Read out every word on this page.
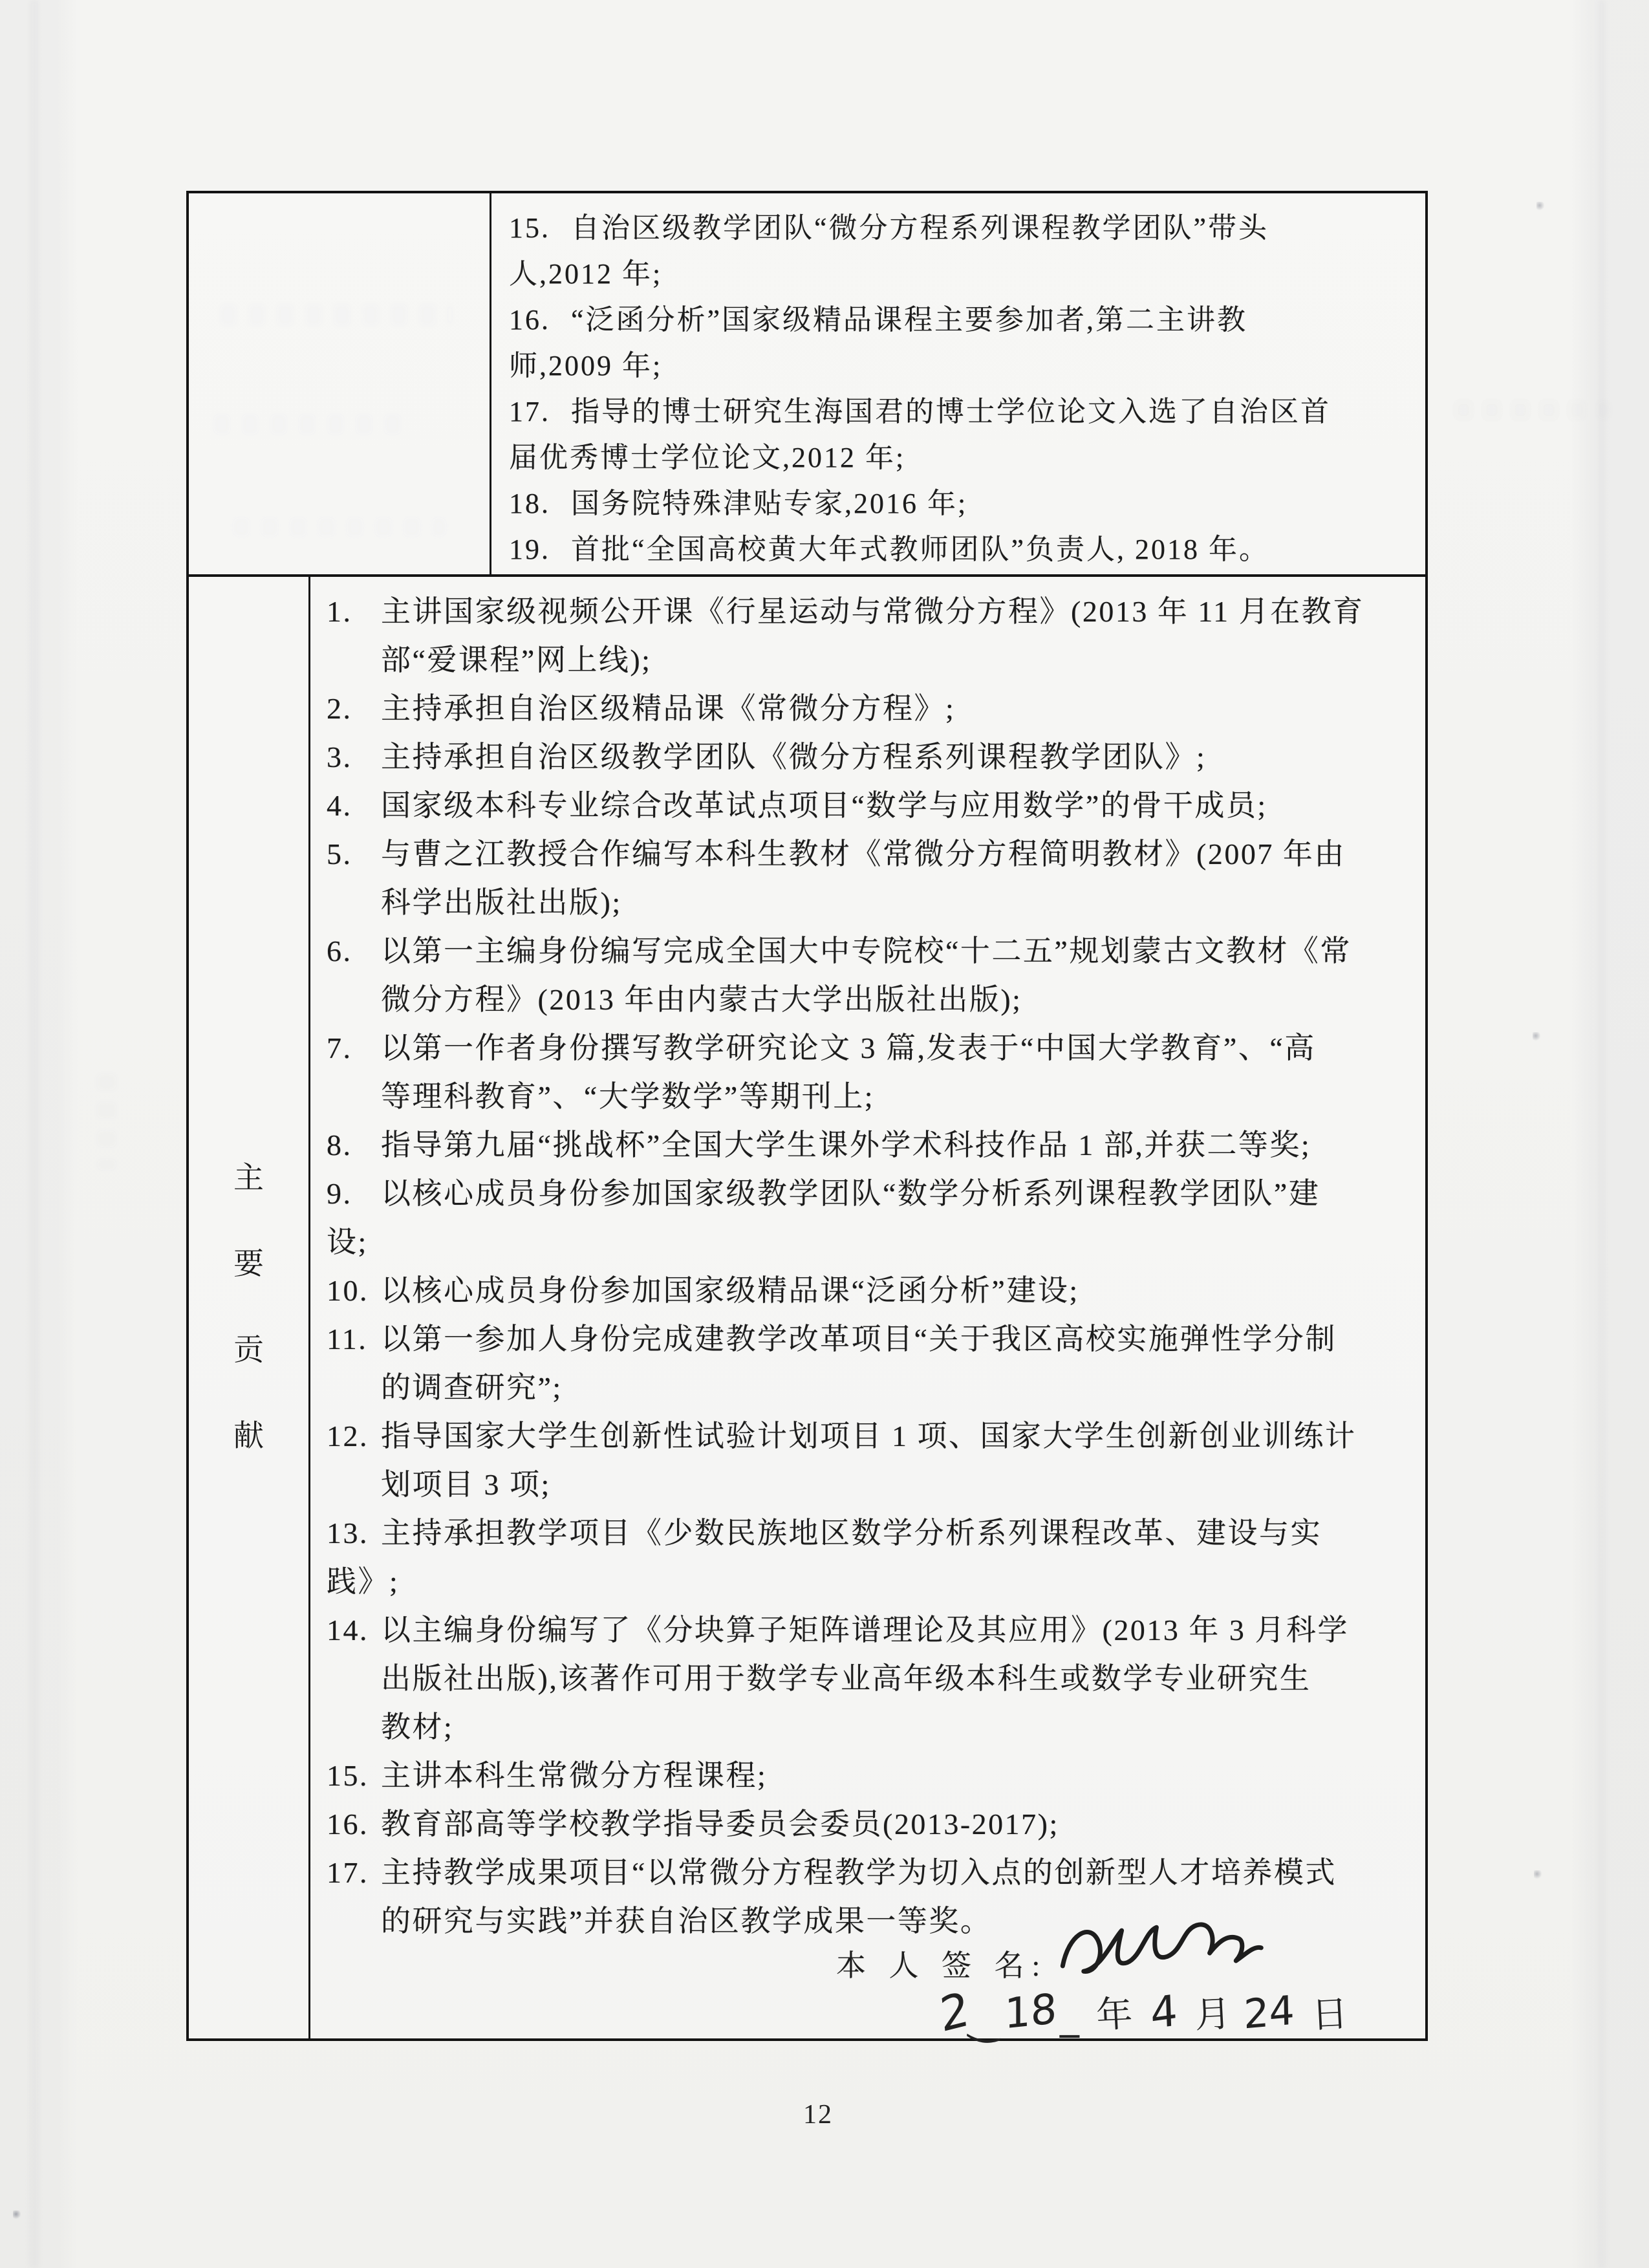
15. 自治区级教学团队“微分方程系列课程教学团队”带头
人,2012 年;
16. “泛函分析”国家级精品课程主要参加者,第二主讲教
师,2009 年;
17. 指导的博士研究生海国君的博士学位论文入选了自治区首
届优秀博士学位论文,2012 年;
18. 国务院特殊津贴专家,2016 年;
19. 首批“全国高校黄大年式教师团队”负责人, 2018 年。
主
要
贡
献
1. 主讲国家级视频公开课《行星运动与常微分方程》(2013 年 11 月在教育
部“爱课程”网上线);
2. 主持承担自治区级精品课《常微分方程》;
3. 主持承担自治区级教学团队《微分方程系列课程教学团队》;
4. 国家级本科专业综合改革试点项目“数学与应用数学”的骨干成员;
5. 与曹之江教授合作编写本科生教材《常微分方程简明教材》(2007 年由
科学出版社出版);
6. 以第一主编身份编写完成全国大中专院校“十二五”规划蒙古文教材《常
微分方程》(2013 年由内蒙古大学出版社出版);
7. 以第一作者身份撰写教学研究论文 3 篇,发表于“中国大学教育”、“高
等理科教育”、“大学数学”等期刊上;
8. 指导第九届“挑战杯”全国大学生课外学术科技作品 1 部,并获二等奖;
9. 以核心成员身份参加国家级教学团队“数学分析系列课程教学团队”建
设;
10. 以核心成员身份参加国家级精品课“泛函分析”建设;
11. 以第一参加人身份完成建教学改革项目“关于我区高校实施弹性学分制
的调查研究”;
12. 指导国家大学生创新性试验计划项目 1 项、国家大学生创新创业训练计
划项目 3 项;
13. 主持承担教学项目《少数民族地区数学分析系列课程改革、建设与实
践》;
14. 以主编身份编写了《分块算子矩阵谱理论及其应用》(2013 年 3 月科学
出版社出版),该著作可用于数学专业高年级本科生或数学专业研究生
教材;
15. 主讲本科生常微分方程课程;
16. 教育部高等学校教学指导委员会委员(2013-2017);
17. 主持教学成果项目“以常微分方程教学为切入点的创新型人才培养模式
的研究与实践”并获自治区教学成果一等奖。
本 人 签 名:
2
‿ 18 _ 年 4 月 24 日
12
